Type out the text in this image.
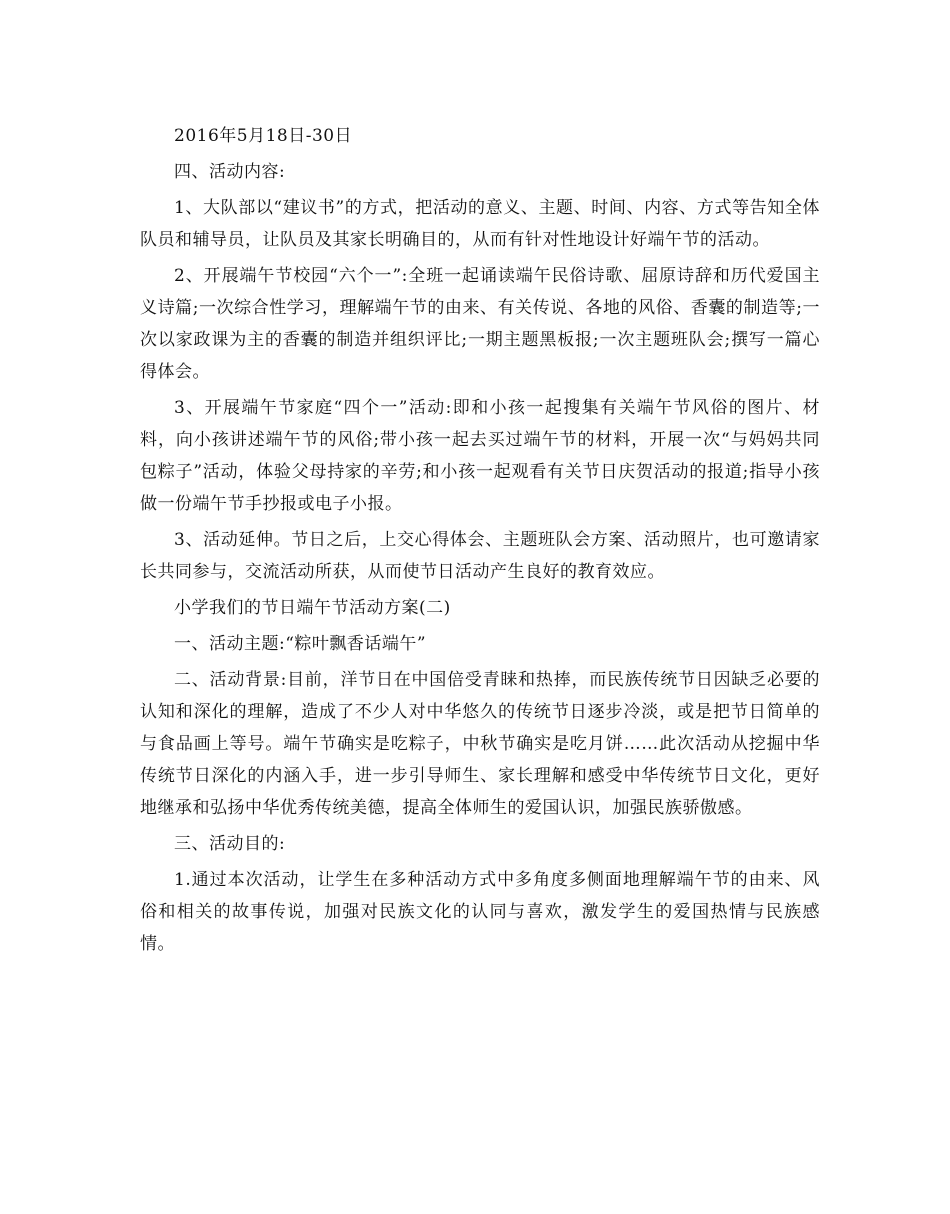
2016年5月18日-30日

四、活动内容:

1、大队部以“建议书”的方式，把活动的意义、主题、时间、内容、方式等告知全体队员和辅导员，让队员及其家长明确目的，从而有针对性地设计好端午节的活动。

2、开展端午节校园“六个一”:全班一起诵读端午民俗诗歌、屈原诗辞和历代爱国主义诗篇;一次综合性学习，理解端午节的由来、有关传说、各地的风俗、香囊的制造等;一次以家政课为主的香囊的制造并组织评比;一期主题黑板报;一次主题班队会;撰写一篇心得体会。

3、开展端午节家庭“四个一”活动:即和小孩一起搜集有关端午节风俗的图片、材料，向小孩讲述端午节的风俗;带小孩一起去买过端午节的材料，开展一次“与妈妈共同包粽子”活动，体验父母持家的辛劳;和小孩一起观看有关节日庆贺活动的报道;指导小孩做一份端午节手抄报或电子小报。

3、活动延伸。节日之后，上交心得体会、主题班队会方案、活动照片，也可邀请家长共同参与，交流活动所获，从而使节日活动产生良好的教育效应。

小学我们的节日端午节活动方案(二)

一、活动主题:“粽叶飘香话端午”

二、活动背景:目前，洋节日在中国倍受青睐和热捧，而民族传统节日因缺乏必要的认知和深化的理解，造成了不少人对中华悠久的传统节日逐步冷淡，或是把节日简单的与食品画上等号。端午节确实是吃粽子，中秋节确实是吃月饼……此次活动从挖掘中华传统节日深化的内涵入手，进一步引导师生、家长理解和感受中华传统节日文化，更好地继承和弘扬中华优秀传统美德，提高全体师生的爱国认识，加强民族骄傲感。

三、活动目的:

1.通过本次活动，让学生在多种活动方式中多角度多侧面地理解端午节的由来、风俗和相关的故事传说，加强对民族文化的认同与喜欢，激发学生的爱国热情与民族感情。
